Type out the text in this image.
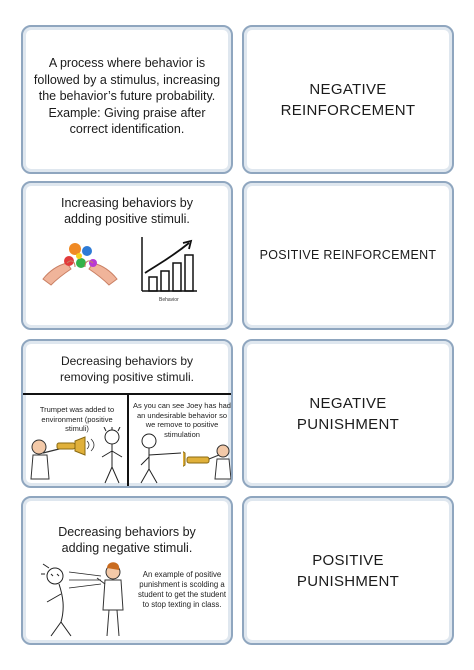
A process where behavior is followed by a stimulus, increasing the behavior’s future probability. Example: Giving praise after correct identification.
NEGATIVE REINFORCEMENT
Increasing behaviors by adding positive stimuli.
Behavior
POSITIVE REINFORCEMENT
Decreasing behaviors by removing positive stimuli.
Trumpet was added to environment (positive stimuli)
As you can see Joey has had an undesirable behavior so we remove to positive stimulation
NEGATIVE PUNISHMENT
Decreasing behaviors by adding negative stimuli.
An example of positive punishment is scolding a student to get the student to stop texting in class.
POSITIVE PUNISHMENT
